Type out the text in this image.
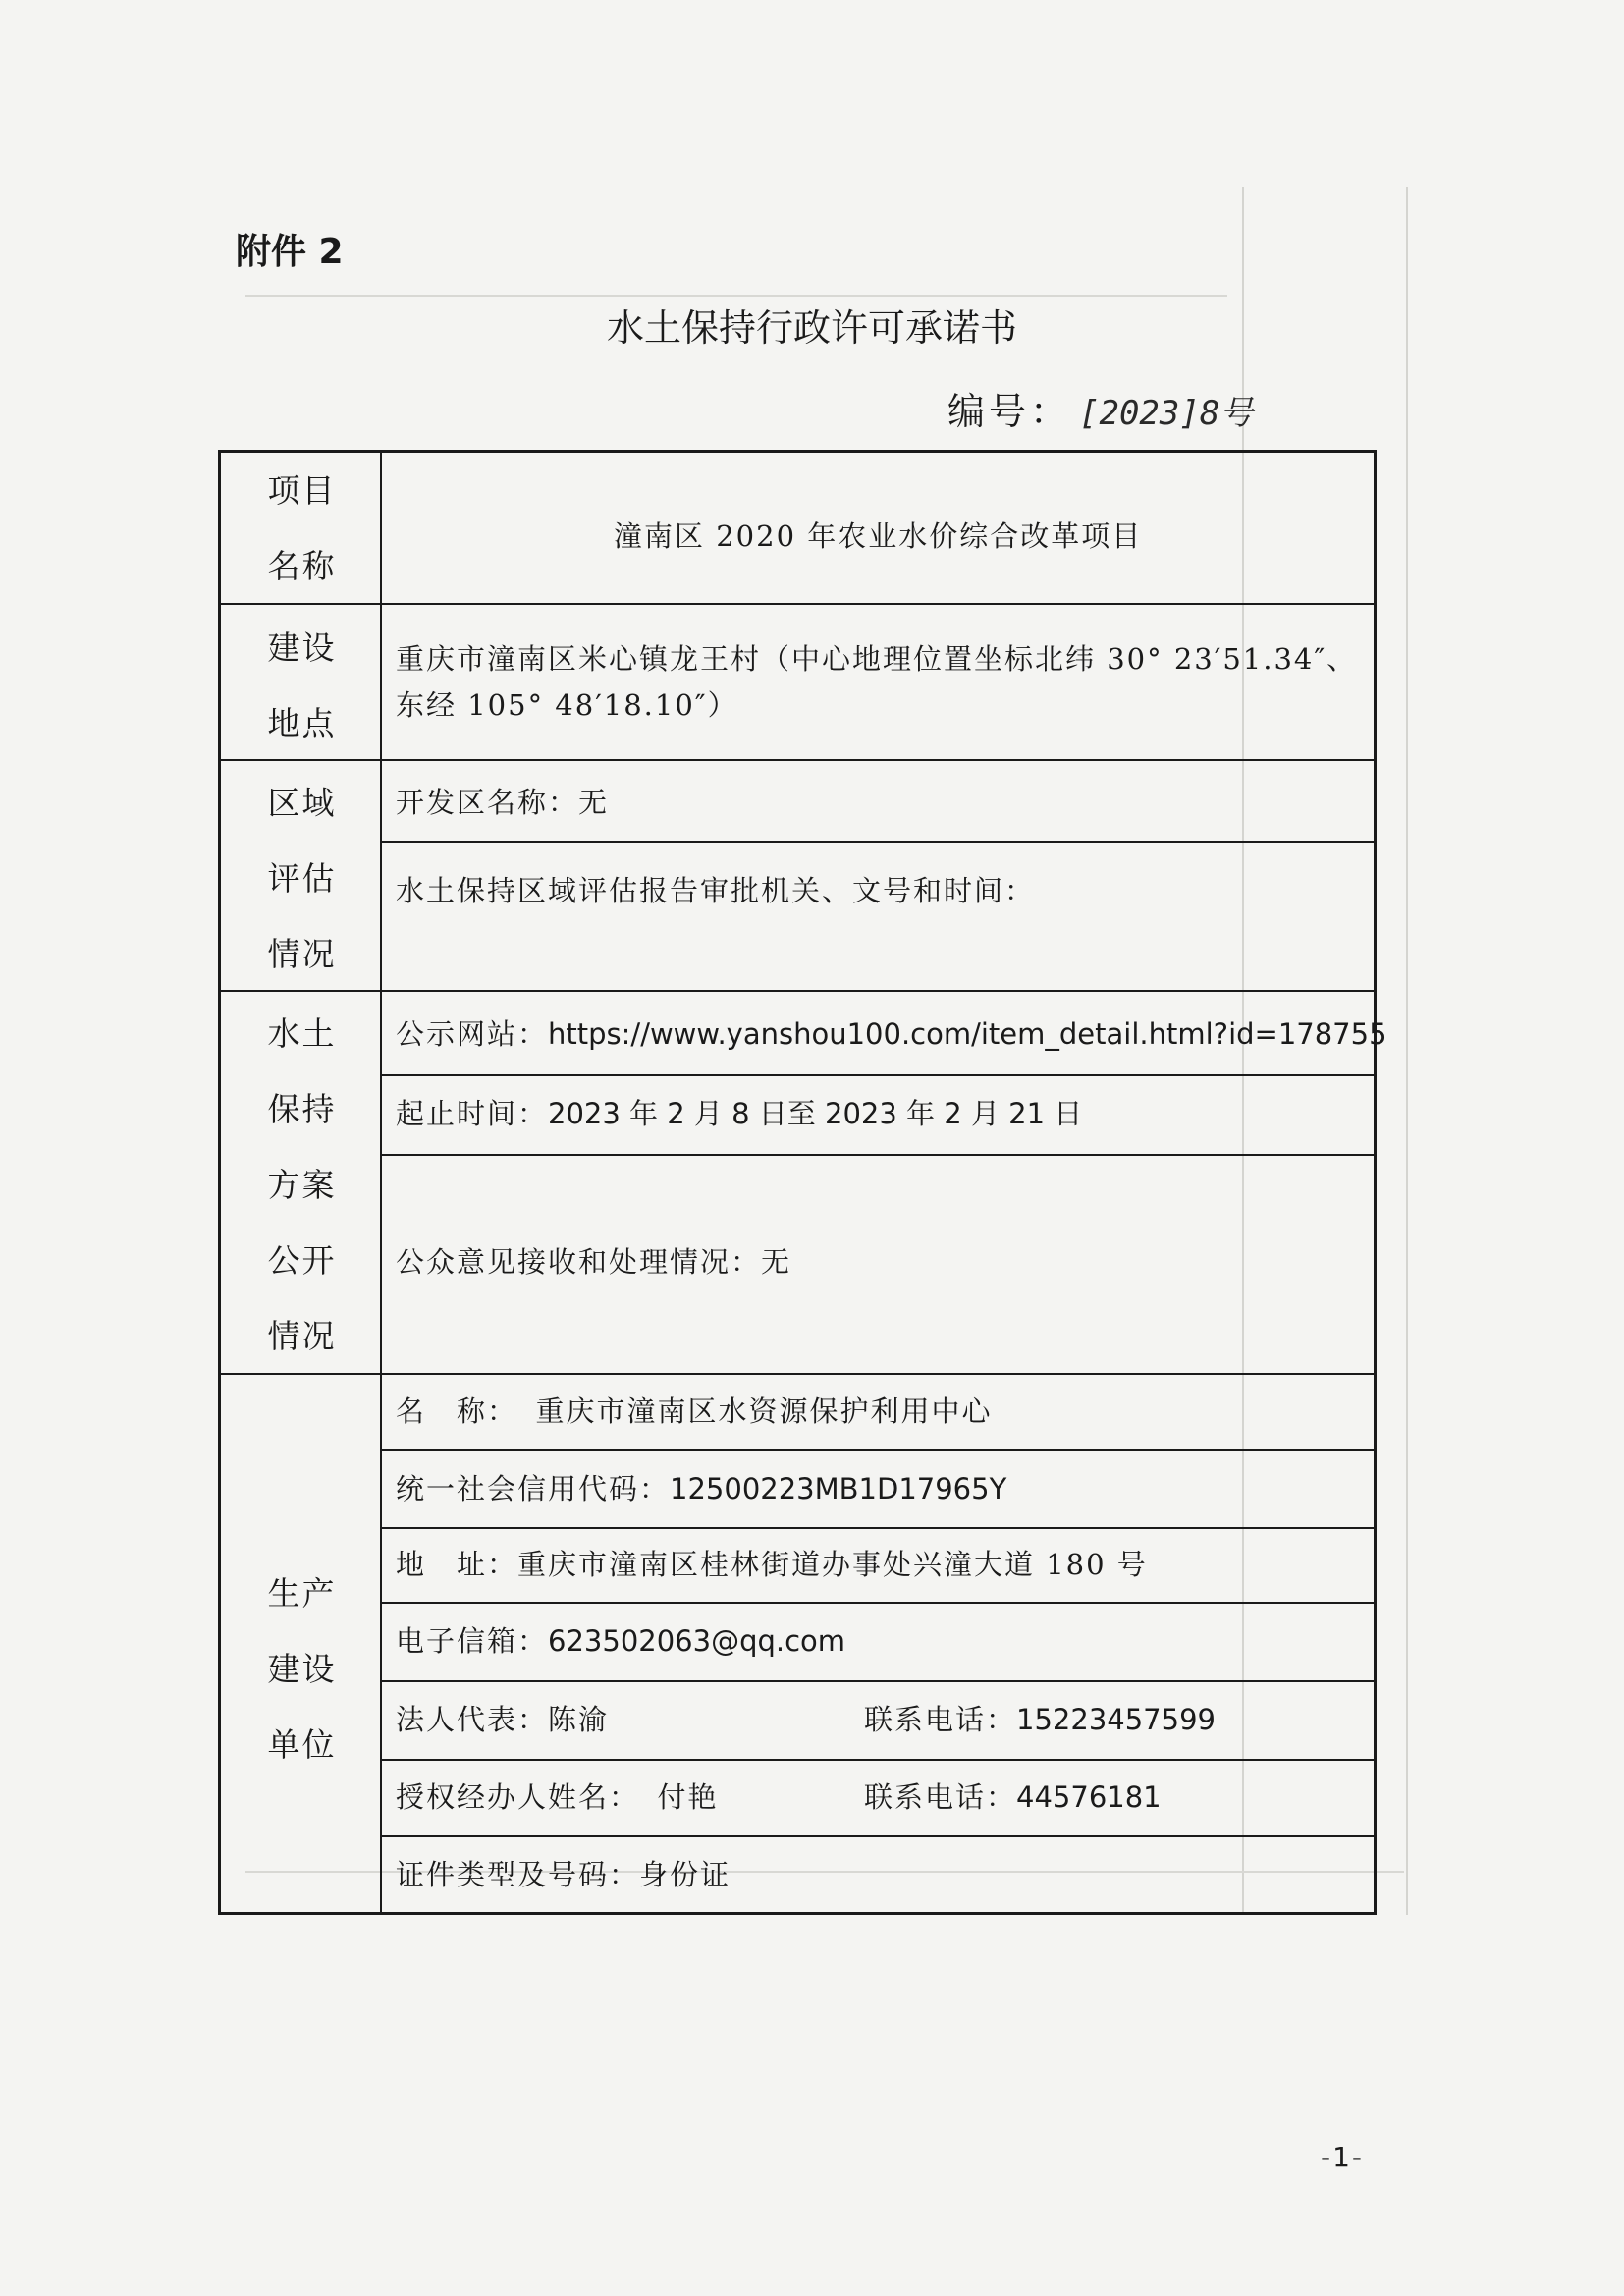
附件 2
水土保持行政许可承诺书
编号： [2023]8号
项目
名称
建设
地点
区域
评估
情况
水土
保持
方案
公开
情况
生产
建设
单位
潼南区 2020 年农业水价综合改革项目
重庆市潼南区米心镇龙王村（中心地理位置坐标北纬 30° 23′51.34″、东经 105° 48′18.10″）
开发区名称：无
水土保持区域评估报告审批机关、文号和时间：
公示网站：https://www.yanshou100.com/item_detail.html?id=178755
起止时间：2023 年 2 月 8 日至 2023 年 2 月 21 日
公众意见接收和处理情况：无
名　称： 重庆市潼南区水资源保护利用中心
统一社会信用代码：12500223MB1D17965Y
地　址：重庆市潼南区桂林街道办事处兴潼大道 180 号
电子信箱：623502063@qq.com
法人代表：陈渝	联系电话：15223457599
授权经办人姓名： 付艳	联系电话：44576181
证件类型及号码：身份证
-1-
